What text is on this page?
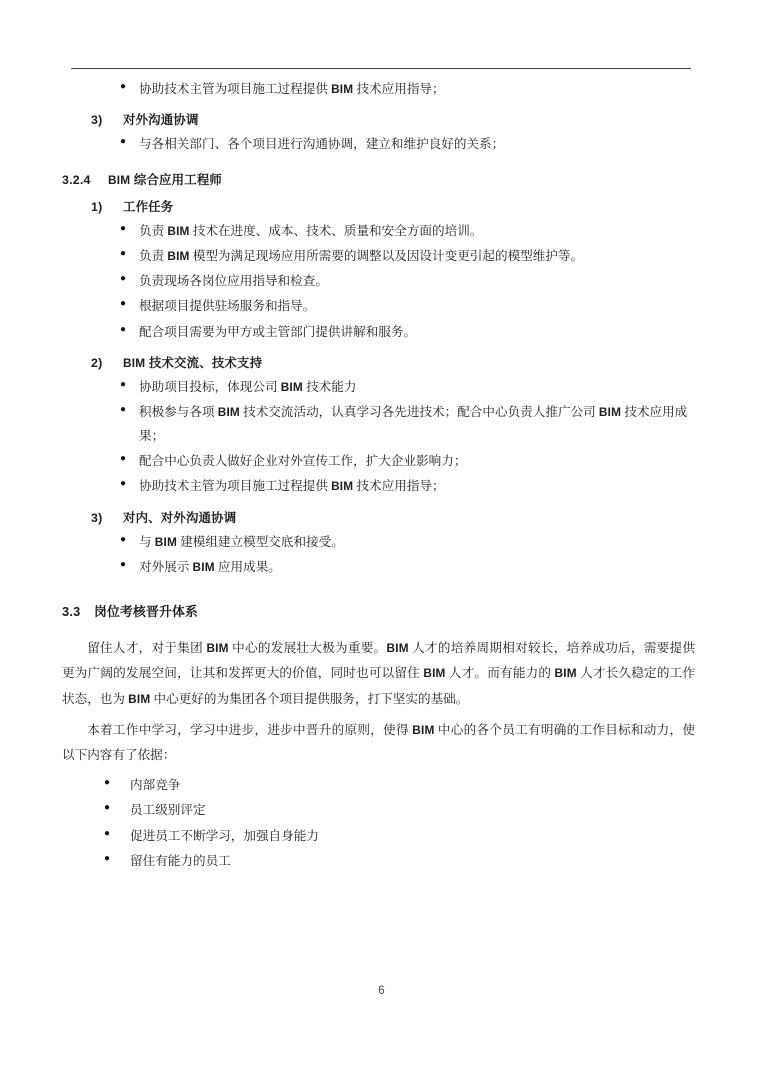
●	协助技术主管为项目施工过程提供 BIM 技术应用指导；
3)	对外沟通协调
●	与各相关部门、各个项目进行沟通协调，建立和维护良好的关系；
3.2.4	BIM 综合应用工程师
1)	工作任务
●	负责 BIM 技术在进度、成本、技术、质量和安全方面的培训。
●	负责 BIM 模型为满足现场应用所需要的调整以及因设计变更引起的模型维护等。
●	负责现场各岗位应用指导和检查。
●	根据项目提供驻场服务和指导。
●	配合项目需要为甲方或主管部门提供讲解和服务。
2)	BIM 技术交流、技术支持
●	协助项目投标，体现公司 BIM 技术能力
●	积极参与各项 BIM 技术交流活动，认真学习各先进技术；配合中心负责人推广公司 BIM 技术应用成果；
●	配合中心负责人做好企业对外宣传工作，扩大企业影响力；
●	协助技术主管为项目施工过程提供 BIM 技术应用指导；
3)	对内、对外沟通协调
●	与 BIM 建模组建立模型交底和接受。
●	对外展示 BIM 应用成果。
3.3	岗位考核晋升体系

留住人才，对于集团 BIM 中心的发展壮大极为重要。BIM 人才的培养周期相对较长，培养成功后，需要提供更为广阔的发展空间，让其和发挥更大的价值，同时也可以留住 BIM 人才。而有能力的 BIM 人才长久稳定的工作状态，也为 BIM 中心更好的为集团各个项目提供服务，打下坚实的基础。

本着工作中学习，学习中进步，进步中晋升的原则，使得 BIM 中心的各个员工有明确的工作目标和动力，使以下内容有了依据：

●	内部竞争
●	员工级别评定
●	促进员工不断学习，加强自身能力
●	留住有能力的员工
6
